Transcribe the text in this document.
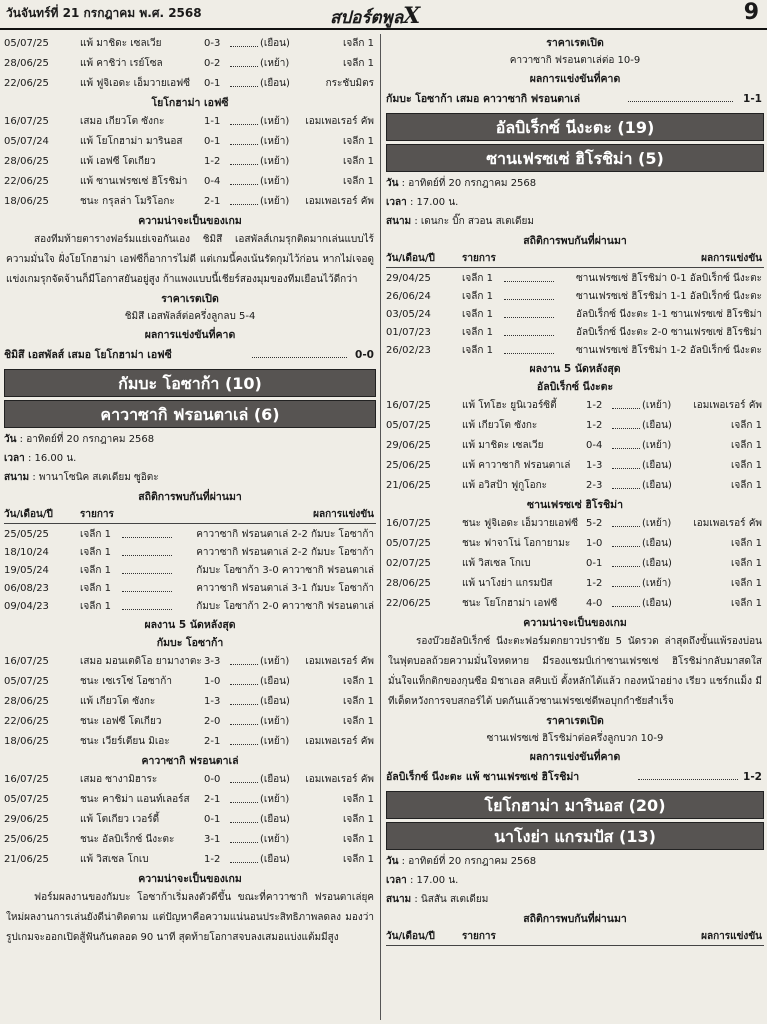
วันจันทร์ที่ 21 กรกฎาคม พ.ศ. 2568	สปอร์ตพูลX	9
05/07/25	แพ้ มาชิดะ เซลเวีย	0-3	(เยือน)	เจลีก 1
28/06/25	แพ้ คาชิว่า เรย์โซล	0-2	(เหย้า)	เจลีก 1
22/06/25	แพ้ ฟูจิเอดะ เอ็มวายเอฟซี 0-1	(เยือน)	กระชับมิตร
โยโกฮาม่า เอฟซี
16/07/25	เสมอ เกียวโต ซังกะ	1-1	(เหย้า) เอมเพอเรอร์ คัพ
05/07/24	แพ้ โยโกฮาม่า มารินอส 0-1	(เหย้า)	เจลีก 1
28/06/25	แพ้ เอฟซี โตเกียว	1-2	(เหย้า)	เจลีก 1
22/06/25	แพ้ ซานเฟรซเซ่ ฮิโรชิม่า 0-4	(เหย้า)	เจลีก 1
18/06/25	ชนะ กรุลล่า โมริโอกะ	2-1	(เหย้า) เอมเพอเรอร์ คัพ
ความน่าจะเป็นของเกม
สองทีมท้ายตารางฟอร์มแย่เจอกันเอง ชิมิสึ เอสพัลส์เกมรุกติดมากเล่นแบบไร้ความมั่นใจ ฝั่งโยโกฮาม่า เอฟซีก็อาการไม่ดี แต่เกมนี้คงเน้นรัดกุมไว้ก่อน หากไม่เจอดูแข่งเกมรุกจัดจ้านก็มีโอกาสยันอยู่สูง ก้าแพงแบบนี้เชียร์สองมุมของทีมเยือนไว้ดีกว่า
ราคาเรตเปิด
ชิมิสึ เอสพัลส์ต่อครึ่งลูกลบ 5-4
ผลการแข่งขันที่คาด
ชิมิสึ เอสพัลส์ เสมอ โยโกฮาม่า เอฟซี	0-0
กัมบะ โอซาก้า (10)
คาวาซากิ ฟรอนตาเล่ (6)
วัน : อาทิตย์ที่ 20 กรกฎาคม 2568
เวลา : 16.00 น.
สนาม : พานาโซนิค สเตเดียม ซูอิตะ
สถิติการพบกันที่ผ่านมา
วัน/เดือน/ปี	รายการ	ผลการแข่งขัน
25/05/25	เจลีก 1	คาวาซากิ ฟรอนตาเล่ 2-2 กัมบะ โอซาก้า
18/10/24	เจลีก 1	คาวาซากิ ฟรอนตาเล่ 2-2 กัมบะ โอซาก้า
19/05/24	เจลีก 1	กัมบะ โอซาก้า 3-0 คาวาซากิ ฟรอนตาเล่
06/08/23	เจลีก 1	คาวาซากิ ฟรอนตาเล่ 3-1 กัมบะ โอซาก้า
09/04/23	เจลีก 1	กัมบะ โอซาก้า 2-0 คาวาซากิ ฟรอนตาเล่
ผลงาน 5 นัดหลังสุด
กัมบะ โอซาก้า
16/07/25	เสมอ มอนเตดิโอ ยามางาตะ 3-3	(เหย้า) เอมเพอเรอร์ คัพ
05/07/25	ชนะ เซเรโซ่ โอซาก้า	1-0	(เยือน)	เจลีก 1
28/06/25	แพ้ เกียวโต ซังกะ	1-3	(เยือน)	เจลีก 1
22/06/25	ชนะ เอฟซี โตเกียว	2-0	(เหย้า)	เจลีก 1
18/06/25	ชนะ เวียร์เตียน มิเอะ	2-1	(เหย้า) เอมเพอเรอร์ คัพ
คาวาซากิ ฟรอนตาเล่
16/07/25	เสมอ ซางามิฮาระ	0-0	(เยือน) เอมเพอเรอร์ คัพ
05/07/25	ชนะ คาชิม่า แอนท์เลอร์ส 2-1	(เหย้า)	เจลีก 1
29/06/25	แพ้ โตเกียว เวอร์ดี้	0-1	(เยือน)	เจลีก 1
25/06/25	ชนะ อัลบิเร็กซ์ นีงะตะ	3-1	(เหย้า)	เจลีก 1
21/06/25	แพ้ วิสเซล โกเบ	1-2	(เยือน)	เจลีก 1
ความน่าจะเป็นของเกม
ฟอร์มผลงานของกัมบะ โอซาก้าเริ่มลงตัวดีขึ้น ขณะที่คาวาซากิ ฟรอนตาเล่ยุคใหม่ผลงานการเล่นยังดีน่าติดตาม แต่ปัญหาคือความแน่นอนประสิทธิภาพลดลง มองว่ารูปเกมจะออกเปิดสู้ฟันกันตลอด 90 นาที สุดท้ายโอกาสจบลงเสมอแบ่งแต้มมีสูง
ราคาเรตเปิด
คาวาซากิ ฟรอนตาเล่ต่อ 10-9
ผลการแข่งขันที่คาด
กัมบะ โอซาก้า เสมอ คาวาซากิ ฟรอนตาเล่	1-1
อัลบิเร็กซ์ นีงะตะ (19)
ซานเฟรซเซ่ ฮิโรชิม่า (5)
วัน : อาทิตย์ที่ 20 กรกฎาคม 2568
เวลา : 17.00 น.
สนาม : เดนกะ บิ๊ก สวอน สเตเดียม
สถิติการพบกันที่ผ่านมา
วัน/เดือน/ปี	รายการ	ผลการแข่งขัน
29/04/25	เจลีก 1	ซานเฟรซเซ่ ฮิโรชิม่า 0-1 อัลบิเร็กซ์ นีงะตะ
26/06/24	เจลีก 1	ซานเฟรซเซ่ ฮิโรชิม่า 1-1 อัลบิเร็กซ์ นีงะตะ
03/05/24	เจลีก 1	อัลบิเร็กซ์ นีงะตะ 1-1 ซานเฟรซเซ่ ฮิโรชิม่า
01/07/23	เจลีก 1	อัลบิเร็กซ์ นีงะตะ 2-0 ซานเฟรซเซ่ ฮิโรชิม่า
26/02/23	เจลีก 1	ซานเฟรซเซ่ ฮิโรชิม่า 1-2 อัลบิเร็กซ์ นีงะตะ
ผลงาน 5 นัดหลังสุด
อัลบิเร็กซ์ นีงะตะ
16/07/25	แพ้ โทโฮะ ยูนิเวอร์ซิตี้	1-2	(เหย้า) เอมเพอเรอร์ คัพ
05/07/25	แพ้ เกียวโต ซังกะ	1-2	(เยือน)	เจลีก 1
29/06/25	แพ้ มาชิดะ เซลเวีย	0-4	(เหย้า)	เจลีก 1
25/06/25	แพ้ คาวาซากิ ฟรอนตาเล่ 1-3	(เยือน)	เจลีก 1
21/06/25	แพ้ อวิสป้า ฟูกูโอกะ	2-3	(เยือน)	เจลีก 1
ซานเฟรซเซ่ ฮิโรชิม่า
16/07/25	ชนะ ฟูจิเอดะ เอ็มวายเอฟซี 5-2	(เหย้า) เอมเพอเรอร์ คัพ
05/07/25	ชนะ ฟาจาโน่ โอกายามะ 1-0	(เยือน)	เจลีก 1
02/07/25	แพ้ วิสเซล โกเบ	0-1	(เยือน)	เจลีก 1
28/06/25	แพ้ นาโงย่า แกรมปัส	1-2	(เหย้า)	เจลีก 1
22/06/25	ชนะ โยโกฮาม่า เอฟซี	4-0	(เยือน)	เจลีก 1
ความน่าจะเป็นของเกม
รองบ๊วยอัลบิเร็กซ์ นีงะตะฟอร์มตกยาวปราชัย 5 นัดรวด ล่าสุดถึงขั้นแพ้รองบ่อนในฟุตบอลถ้วยความมั่นใจหดหาย มีรองแชมป์เก่าซานเฟรซเซ่ ฮิโรชิม่ากลับมาสดใสมั่นใจแท็กติกของกุนซือ มิชาเอล สคิบเบ้ ตั้งหลักได้แล้ว กองหน้าอย่าง เรียว แชร์กแม็ง มีทีเด็ดหวังการจบสกอร์ได้ บดกันแล้วซานเฟรซเซ่ดีพอบุกกำชัยสำเร็จ
ราคาเรตเปิด
ซานเฟรซเซ่ ฮิโรชิม่าต่อครึ่งลูกบวก 10-9
ผลการแข่งขันที่คาด
อัลบิเร็กซ์ นีงะตะ แพ้ ซานเฟรซเซ่ ฮิโรชิม่า	1-2
โยโกฮาม่า มารินอส (20)
นาโงย่า แกรมปัส (13)
วัน : อาทิตย์ที่ 20 กรกฎาคม 2568
เวลา : 17.00 น.
สนาม : นิสสัน สเตเดียม
สถิติการพบกันที่ผ่านมา
วัน/เดือน/ปี	รายการ	ผลการแข่งขัน
